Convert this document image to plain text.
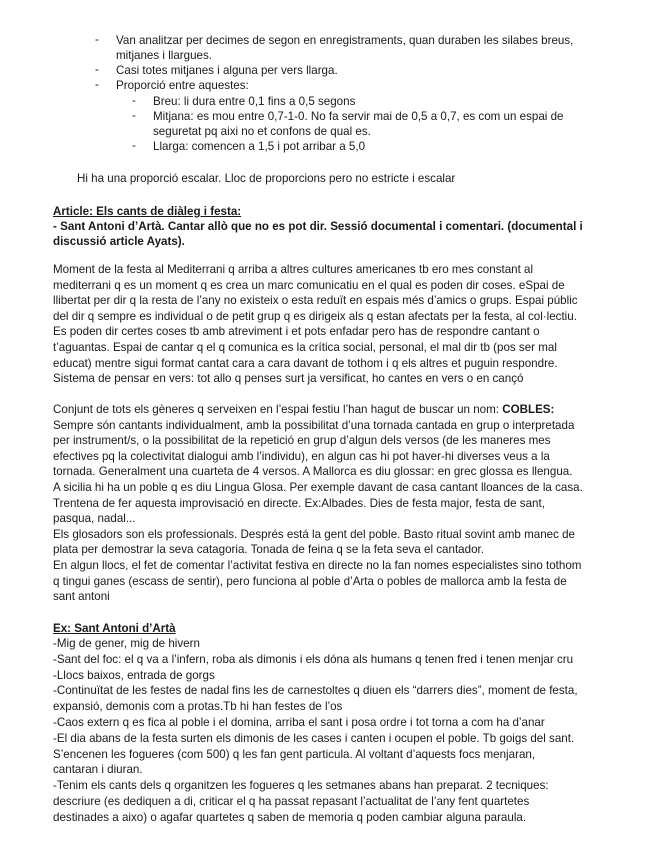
- Van analitzar per decimes de segon en enregistraments, quan duraben les silabes breus,
mitjanes i llargues.
- Casi totes mitjanes i alguna per vers llarga.
- Proporció entre aquestes:
- Breu: li dura entre 0,1 fins a 0,5 segons
- Mitjana: es mou entre 0,7-1-0. No fa servir mai de 0,5 a 0,7, es com un espai de
seguretat pq aixi no et confons de qual es.
- Llarga: comencen a 1,5 i pot arribar a 5,0
Hi ha una proporció escalar. Lloc de proporcions pero no estricte i escalar
Article: Els cants de diàleg i festa:
- Sant Antoni d’Artà. Cantar allò que no es pot dir. Sessió documental i comentari. (documental i
discussió article Ayats).
Moment de la festa al Mediterrani q arriba a altres cultures americanes tb ero mes constant al
mediterrani q es un moment q es crea un marc comunicatiu en el qual es poden dir coses. eSpai de
llibertat per dir q la resta de l’any no existeix o esta reduït en espais més d’amics o grups. Espai públic
del dir q sempre es individual o de petit grup q es dirigeix als q estan afectats per la festa, al col·lectiu.
Es poden dir certes coses tb amb atreviment i et pots enfadar pero has de respondre cantant o
t’aguantas. Espai de cantar q el q comunica es la crítica social, personal, el mal dir tb (pos ser mal
educat) mentre sigui format cantat cara a cara davant de tothom i q els altres et puguin respondre.
Sistema de pensar en vers: tot allo q penses surt ja versificat, ho cantes en vers o en cançó
Conjunt de tots els gèneres q serveixen en l’espai festiu l’han hagut de buscar un nom: COBLES:
Sempre són cantants individualment, amb la possibilitat d’una tornada cantada en grup o interpretada
per instrument/s, o la possibilitat de la repetició en grup d’algun dels versos (de les maneres mes
efectives pq la colectivitat dialogui amb l’individu), en algun cas hi pot haver-hi diverses veus a la
tornada. Generalment una cuarteta de 4 versos. A Mallorca es diu glossar: en grec glossa es llengua.
A sicilia hi ha un poble q es diu Lingua Glosa. Per exemple davant de casa cantant lloances de la casa.
Trentena de fer aquesta improvisació en directe. Ex:Albades. Dies de festa major, festa de sant,
pasqua, nadal...
Els glosadors son els professionals. Després está la gent del poble. Basto ritual sovint amb manec de
plata per demostrar la seva catagoria. Tonada de feina q se la feta seva el cantador.
En algun llocs, el fet de comentar l’activitat festiva en directe no la fan nomes especialistes sino tothom
q tingui ganes (escass de sentir), pero funciona al poble d’Arta o pobles de mallorca amb la festa de
sant antoni
Ex: Sant Antoni d’Artà
-Mig de gener, mig de hivern
-Sant del foc: el q va a l’infern, roba als dimonis i els dóna als humans q tenen fred i tenen menjar cru
-Llocs baixos, entrada de gorgs
-Continuïtat de les festes de nadal fins les de carnestoltes q diuen els “darrers dies”, moment de festa,
expansió, demonis com a protas.Tb hi han festes de l’os
-Caos extern q es fica al poble i el domina, arriba el sant i posa ordre i tot torna a com ha d’anar
-El dia abans de la festa surten els dimonis de les cases i canten i ocupen el poble. Tb goigs del sant.
S’encenen les fogueres (com 500) q les fan gent particula. Al voltant d’aquests focs menjaran,
cantaran i diuran.
-Tenim els cants dels q organitzen les fogueres q les setmanes abans han preparat. 2 tecniques:
descriure (es dediquen a di, criticar el q ha passat repasant l’actualitat de l’any fent quartetes
destinades a aixo) o agafar quartetes q saben de memoria q poden cambiar alguna paraula.
